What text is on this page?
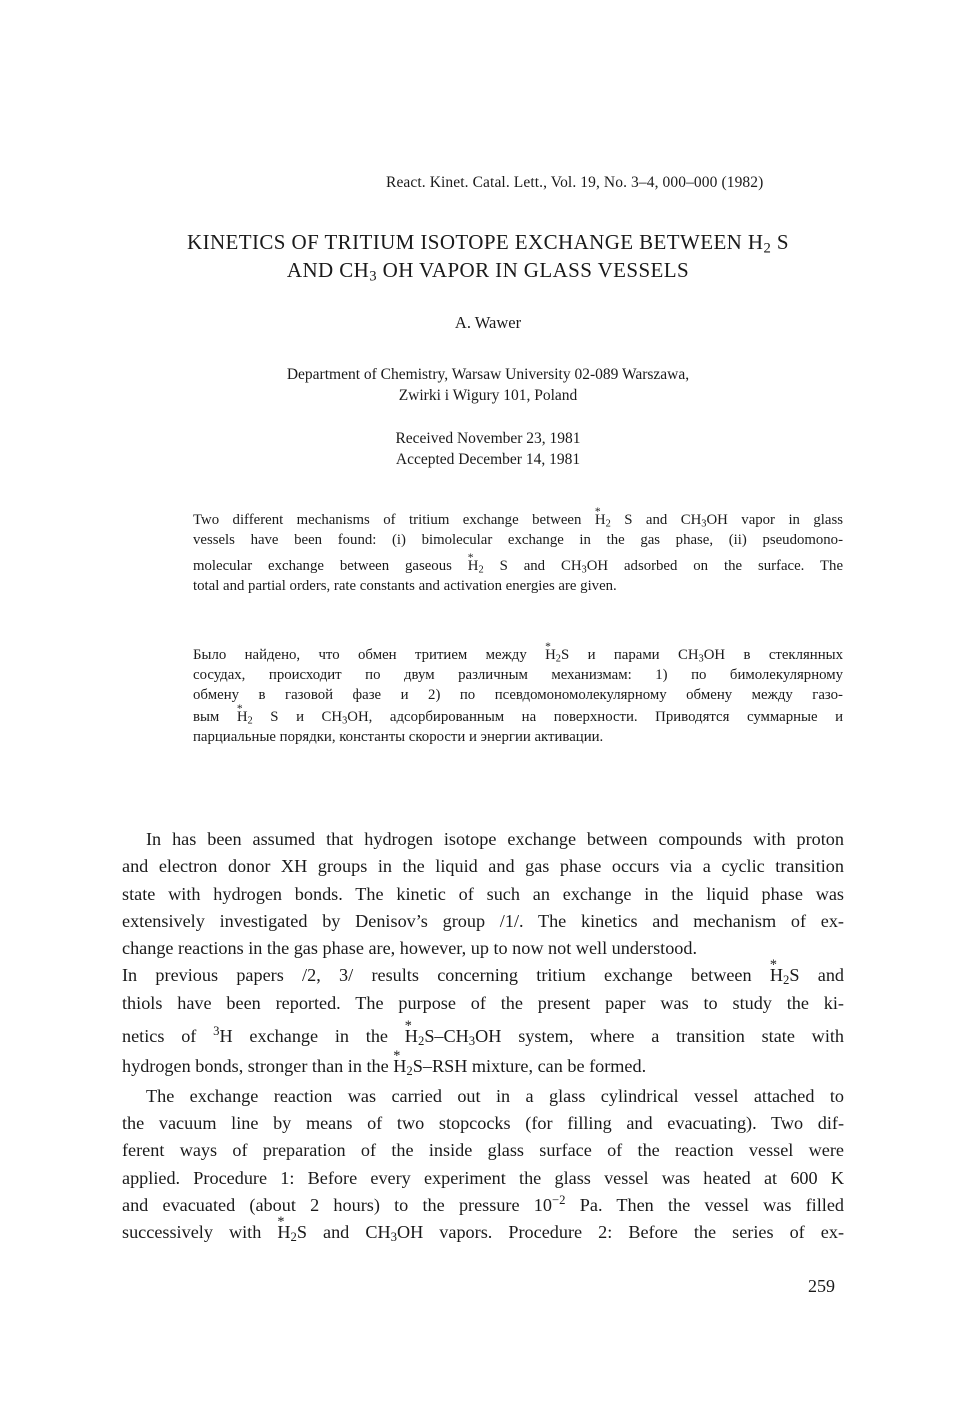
React. Kinet. Catal. Lett., Vol. 19, No. 3–4, 000–000 (1982)
KINETICS OF TRITIUM ISOTOPE EXCHANGE BETWEEN $H_2$ S
AND $CH_3$ OH VAPOR IN GLASS VESSELS
A. Wawer
Department of Chemistry, Warsaw University 02-089 Warszawa,
Zwirki i Wigury 101, Poland
Received November 23, 1981
Accepted December 14, 1981
Two different mechanisms of tritium exchange between * $H_2$ S and $CH_3OH$ vapor in glass
vessels have been found: (i) bimolecular exchange in the gas phase, (ii) pseudomono-
molecular exchange between gaseous * $H_2$ S and $CH_3OH$ adsorbed on the surface. The
total and partial orders, rate constants and activation energies are given.
Было найдено, что обмен тритием между * $H_2S$ и парами $CH_3OH$ в стеклянных
сосудах, происходит по двум различным механизмам: 1) по бимолекулярному
обмену в газовой фазе и 2) по псевдомономолекулярному обмену между газо-
вым * $H_2$ S и $CH_3OH$, адсорбированным на поверхности. Приводятся суммарные и
парциальные порядки, константы скорости и энергии активации.
In has been assumed that hydrogen isotope exchange between compounds with proton
and electron donor XH groups in the liquid and gas phase occurs via a cyclic transition
state with hydrogen bonds. The kinetic of such an exchange in the liquid phase was
extensively investigated by Denisov’s group /1/. The kinetics and mechanism of ex-
change reactions in the gas phase are, however, up to now not well understood.
In previous papers /2, 3/ results concerning tritium exchange between * $H_2S$ and
thiols have been reported. The purpose of the present paper was to study the ki-
netics of $^3$H exchange in the * $H_2S-CH_3OH$ system, where a transition state with
hydrogen bonds, stronger than in the * $H_2S$–RSH mixture, can be formed.
The exchange reaction was carried out in a glass cylindrical vessel attached to
the vacuum line by means of two stopcocks (for filling and evacuating). Two dif-
ferent ways of preparation of the inside glass surface of the reaction vessel were
applied. Procedure 1: Before every experiment the glass vessel was heated at 600 K
and evacuated (about 2 hours) to the pressure $10^{-2}$ Pa. Then the vessel was filled
successively with * $H_2S$ and $CH_3OH$ vapors. Procedure 2: Before the series of ex-
259
